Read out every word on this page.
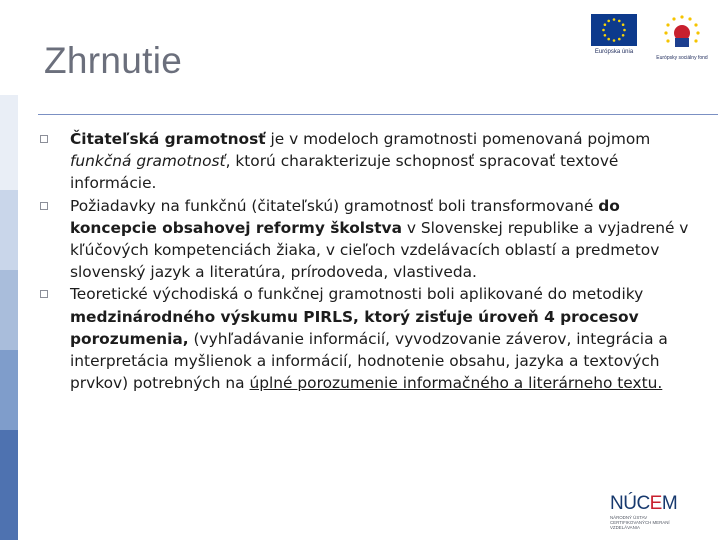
Zhrnutie	Európska únia
Európsky sociálny fond
Čitateľská gramotnosť je v modeloch gramotnosti pomenovaná pojmom funkčná gramotnosť, ktorú charakterizuje schopnosť spracovať textové informácie.
Požiadavky na funkčnú (čitateľskú) gramotnosť boli transformované do koncepcie obsahovej reformy školstva v Slovenskej republike a vyjadrené v kľúčových kompetenciách žiaka, v cieľoch vzdelávacích oblastí a predmetov slovenský jazyk a literatúra, prírodoveda, vlastiveda.
Teoretické východiská o funkčnej gramotnosti boli aplikované do metodiky medzinárodného výskumu PIRLS, ktorý zisťuje úroveň 4 procesov porozumenia, (vyhľadávanie informácií, vyvodzovanie záverov, integrácia a interpretácia myšlienok a informácií, hodnotenie obsahu, jazyka a textových prvkov) potrebných na úplné porozumenie informačného a literárneho textu.
NÚCEM
NÁRODNÝ ÚSTAV CERTIFIKOVANÝCH MERANÍ VZDELÁVANIA
